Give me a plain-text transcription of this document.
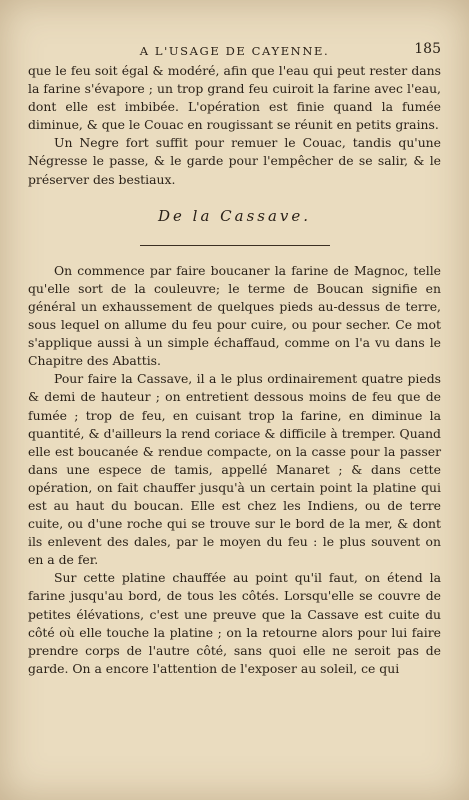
A L'USAGE DE CAYENNE.	185

que le feu soit égal & modéré, afin que l'eau qui peut rester dans la farine s'évapore ; un trop grand feu cuiroit la farine avec l'eau, dont elle est imbibée. L'opération est finie quand la fumée diminue, & que le Couac en rougissant se réunit en petits grains.

Un Negre fort suffit pour remuer le Couac, tandis qu'une Négresse le passe, & le garde pour l'empêcher de se salir, & le préserver des bestiaux.

De la Cassave.

On commence par faire boucaner la farine de Magnoc, telle qu'elle sort de la couleuvre; le terme de Boucan signifie en général un exhaussement de quelques pieds au-dessus de terre, sous lequel on allume du feu pour cuire, ou pour secher. Ce mot s'applique aussi à un simple échaffaud, comme on l'a vu dans le Chapitre des Abattis.

Pour faire la Cassave, il a le plus ordinairement quatre pieds & demi de hauteur ; on entretient dessous moins de feu que de fumée ; trop de feu, en cuisant trop la farine, en diminue la quantité, & d'ailleurs la rend coriace & difficile à tremper. Quand elle est boucanée & rendue compacte, on la casse pour la passer dans une espece de tamis, appellé Manaret ; & dans cette opération, on fait chauffer jusqu'à un certain point la platine qui est au haut du boucan. Elle est chez les Indiens, ou de terre cuite, ou d'une roche qui se trouve sur le bord de la mer, & dont ils enlevent des dales, par le moyen du feu : le plus souvent on en a de fer.

Sur cette platine chauffée au point qu'il faut, on étend la farine jusqu'au bord, de tous les côtés. Lorsqu'elle se couvre de petites élévations, c'est une preuve que la Cassave est cuite du côté où elle touche la platine ; on la retourne alors pour lui faire prendre corps de l'autre côté, sans quoi elle ne seroit pas de garde. On a encore l'attention de l'exposer au soleil, ce qui
